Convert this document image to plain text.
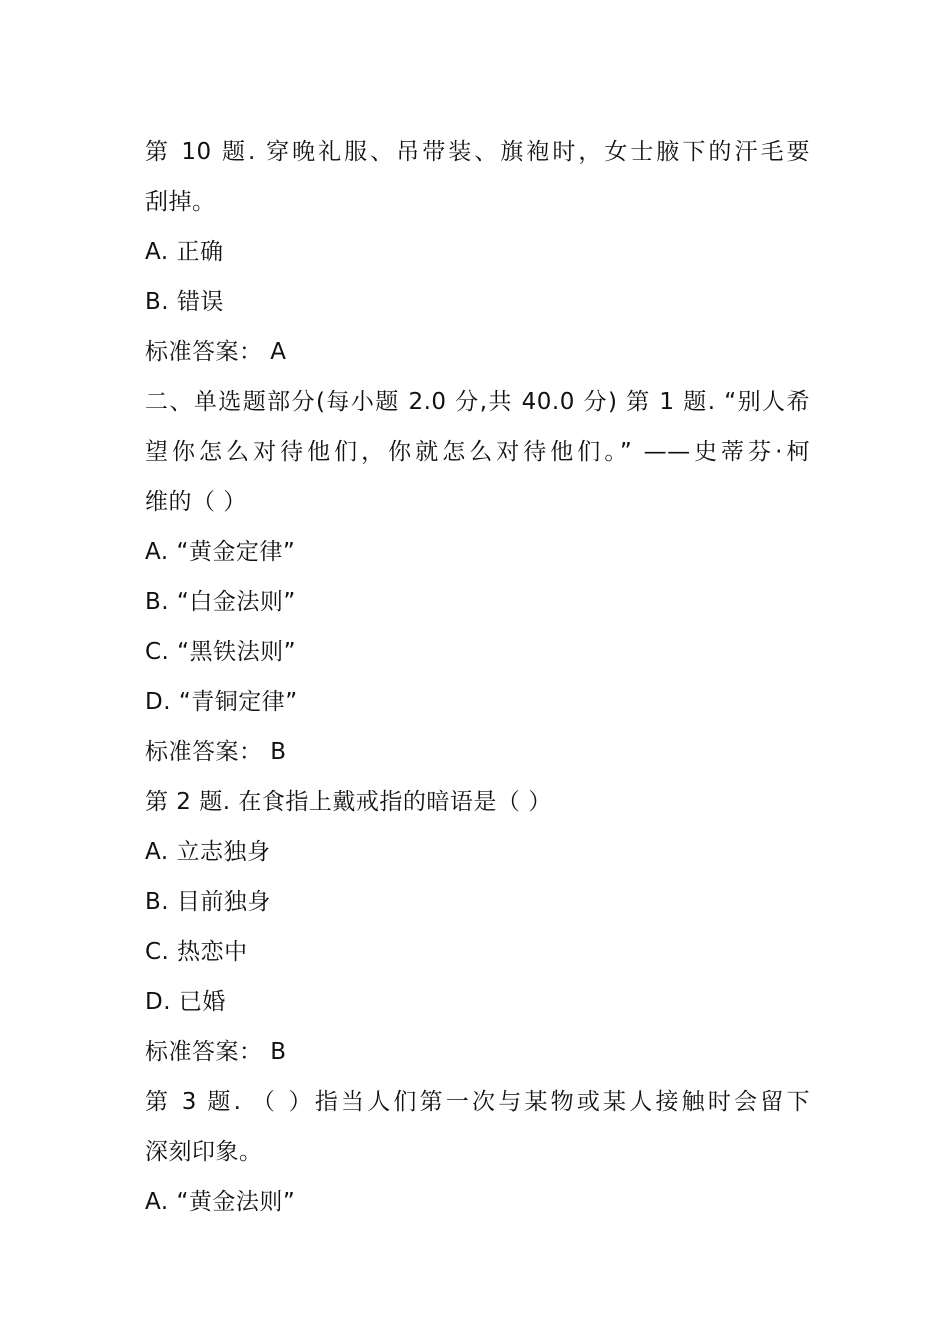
第 10 题. 穿晚礼服、吊带装、旗袍时，女士腋下的汗毛要
刮掉。
A. 正确
B. 错误
标准答案： A
二、单选题部分(每小题 2.0 分,共 40.0 分) 第 1 题. “别人希
望你怎么对待他们，你就怎么对待他们。” ——史蒂芬·柯
维的（ ）
A. “黄金定律”
B. “白金法则”
C. “黑铁法则”
D. “青铜定律”
标准答案： B
第 2 题. 在食指上戴戒指的暗语是（ ）
A. 立志独身
B. 目前独身
C. 热恋中
D. 已婚
标准答案： B
第 3 题. （ ）指当人们第一次与某物或某人接触时会留下
深刻印象。
A. “黄金法则”
